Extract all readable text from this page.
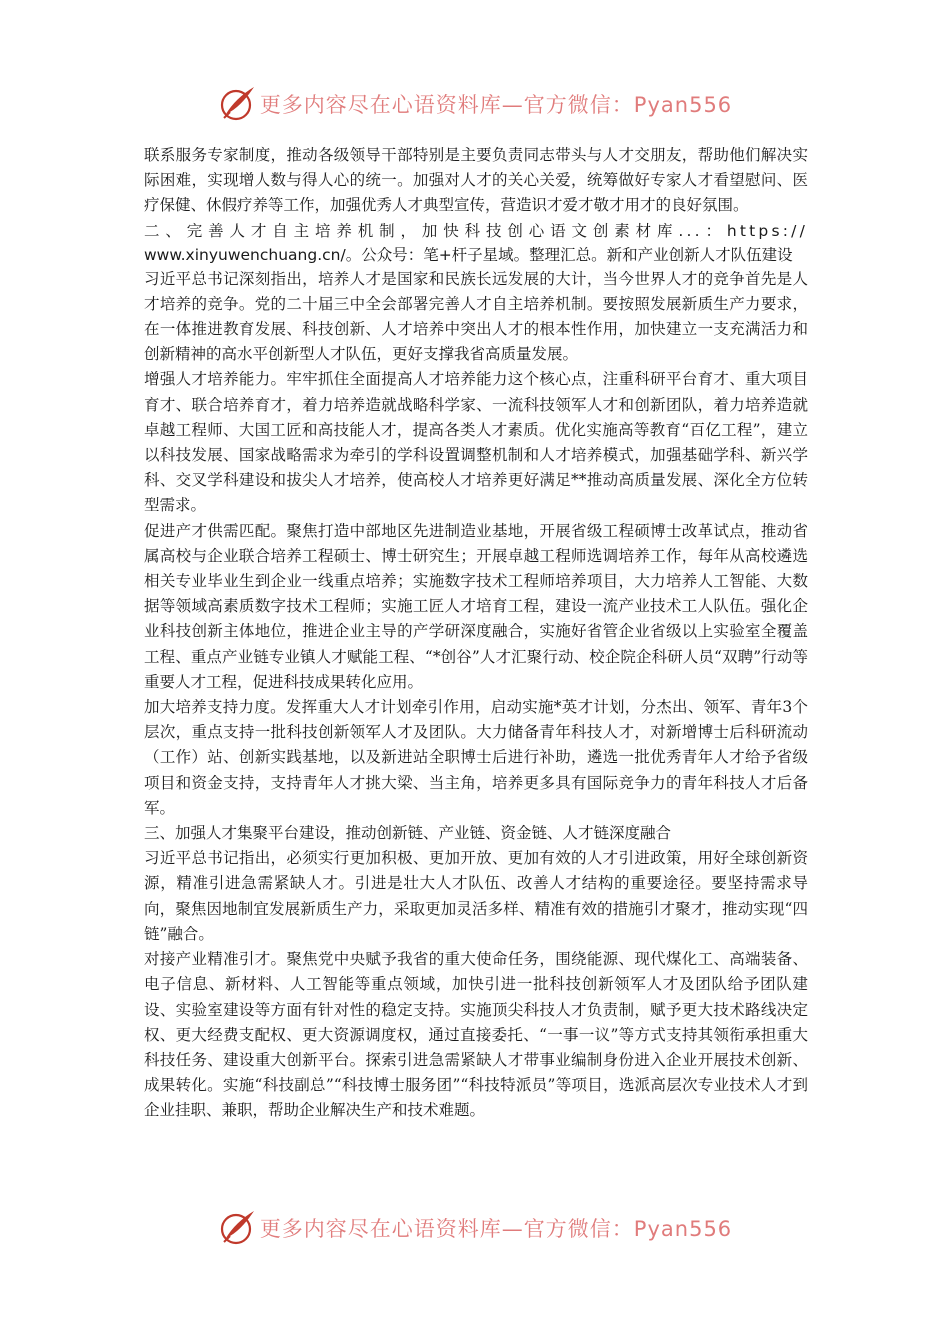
更多内容尽在心语资料库—官方微信：Pyan556

联系服务专家制度，推动各级领导干部特别是主要负责同志带头与人才交朋友，帮助他们解决实际困难，实现增人数与得人心的统一。加强对人才的关心关爱，统筹做好专家人才看望慰问、医疗保健、休假疗养等工作，加强优秀人才典型宣传，营造识才爱才敬才用才的良好氛围。

二、完善人才自主培养机制，加快科技创心语文创素材库...：https://
www.xinyuwenchuang.cn/。公众号：笔+杆子星域。整理汇总。新和产业创新人才队伍建设

习近平总书记深刻指出，培养人才是国家和民族长远发展的大计，当今世界人才的竞争首先是人才培养的竞争。党的二十届三中全会部署完善人才自主培养机制。要按照发展新质生产力要求，在一体推进教育发展、科技创新、人才培养中突出人才的根本性作用，加快建立一支充满活力和创新精神的高水平创新型人才队伍，更好支撑我省高质量发展。

增强人才培养能力。牢牢抓住全面提高人才培养能力这个核心点，注重科研平台育才、重大项目育才、联合培养育才，着力培养造就战略科学家、一流科技领军人才和创新团队，着力培养造就卓越工程师、大国工匠和高技能人才，提高各类人才素质。优化实施高等教育“百亿工程”，建立以科技发展、国家战略需求为牵引的学科设置调整机制和人才培养模式，加强基础学科、新兴学科、交叉学科建设和拔尖人才培养，使高校人才培养更好满足**推动高质量发展、深化全方位转型需求。

促进产才供需匹配。聚焦打造中部地区先进制造业基地，开展省级工程硕博士改革试点，推动省属高校与企业联合培养工程硕士、博士研究生；开展卓越工程师选调培养工作，每年从高校遴选相关专业毕业生到企业一线重点培养；实施数字技术工程师培养项目，大力培养人工智能、大数据等领域高素质数字技术工程师；实施工匠人才培育工程，建设一流产业技术工人队伍。强化企业科技创新主体地位，推进企业主导的产学研深度融合，实施好省管企业省级以上实验室全覆盖工程、重点产业链专业镇人才赋能工程、“*创谷”人才汇聚行动、校企院企科研人员“双聘”行动等重要人才工程，促进科技成果转化应用。

加大培养支持力度。发挥重大人才计划牵引作用，启动实施*英才计划，分杰出、领军、青年3个层次，重点支持一批科技创新领军人才及团队。大力储备青年科技人才，对新增博士后科研流动（工作）站、创新实践基地，以及新进站全职博士后进行补助，遴选一批优秀青年人才给予省级项目和资金支持，支持青年人才挑大梁、当主角，培养更多具有国际竞争力的青年科技人才后备军。

三、加强人才集聚平台建设，推动创新链、产业链、资金链、人才链深度融合

习近平总书记指出，必须实行更加积极、更加开放、更加有效的人才引进政策，用好全球创新资源，精准引进急需紧缺人才。引进是壮大人才队伍、改善人才结构的重要途径。要坚持需求导向，聚焦因地制宜发展新质生产力，采取更加灵活多样、精准有效的措施引才聚才，推动实现“四链”融合。

对接产业精准引才。聚焦党中央赋予我省的重大使命任务，围绕能源、现代煤化工、高端装备、电子信息、新材料、人工智能等重点领域，加快引进一批科技创新领军人才及团队给予团队建设、实验室建设等方面有针对性的稳定支持。实施顶尖科技人才负责制，赋予更大技术路线决定权、更大经费支配权、更大资源调度权，通过直接委托、“一事一议”等方式支持其领衔承担重大科技任务、建设重大创新平台。探索引进急需紧缺人才带事业编制身份进入企业开展技术创新、成果转化。实施“科技副总”“科技博士服务团”“科技特派员”等项目，选派高层次专业技术人才到企业挂职、兼职，帮助企业解决生产和技术难题。

更多内容尽在心语资料库—官方微信：Pyan556
